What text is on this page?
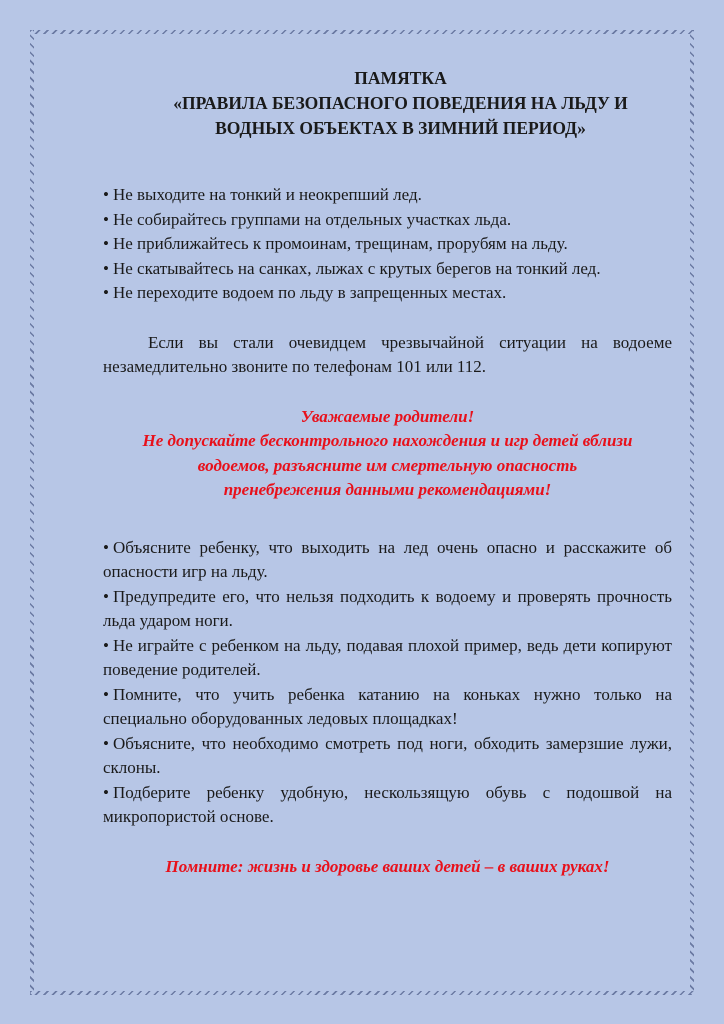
ПАМЯТКА
«ПРАВИЛА БЕЗОПАСНОГО ПОВЕДЕНИЯ НА ЛЬДУ И
ВОДНЫХ ОБЪЕКТАХ В ЗИМНИЙ ПЕРИОД»
• Не выходите на тонкий и неокрепший лед.
• Не собирайтесь группами на отдельных участках льда.
• Не приближайтесь к промоинам, трещинам, прорубям на льду.
• Не скатывайтесь на санках, лыжах с крутых берегов на тонкий лед.
• Не переходите водоем по льду в запрещенных местах.

Если вы стали очевидцем чрезвычайной ситуации на водоеме незамедлительно звоните по телефонам 101 или 112.

Уважаемые родители!
Не допускайте бесконтрольного нахождения и игр детей вблизи
водоемов, разъясните им смертельную опасность
пренебрежения данными рекомендациями!
• Объясните ребенку, что выходить на лед очень опасно и расскажите об опасности игр на льду.
• Предупредите его, что нельзя подходить к водоему и проверять прочность льда ударом ноги.
• Не играйте с ребенком на льду, подавая плохой пример, ведь дети копируют поведение родителей.
• Помните, что учить ребенка катанию на коньках нужно только на специально оборудованных ледовых площадках!
• Объясните, что необходимо смотреть под ноги, обходить замерзшие лужи, склоны.
• Подберите ребенку удобную, нескользящую обувь с подошвой на микропористой основе.
Помните: жизнь и здоровье ваших детей – в ваших руках!
